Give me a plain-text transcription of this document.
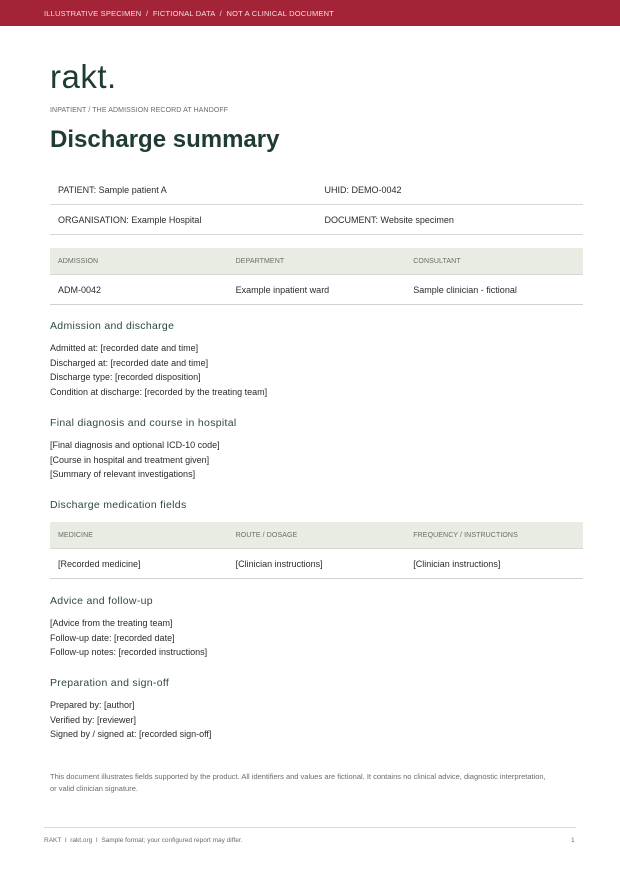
ILLUSTRATIVE SPECIMEN  /  FICTIONAL DATA  /  NOT A CLINICAL DOCUMENT
rakt.
INPATIENT / THE ADMISSION RECORD AT HANDOFF
Discharge summary
PATIENT: Sample patient A	UHID: DEMO-0042
ORGANISATION: Example Hospital	DOCUMENT: Website specimen
ADMISSION	DEPARTMENT	CONSULTANT
ADM-0042	Example inpatient ward	Sample clinician - fictional
Admission and discharge

Admitted at: [recorded date and time]

Discharged at: [recorded date and time]

Discharge type: [recorded disposition]

Condition at discharge: [recorded by the treating team]

Final diagnosis and course in hospital

[Final diagnosis and optional ICD-10 code]

[Course in hospital and treatment given]

[Summary of relevant investigations]

Discharge medication fields
MEDICINE	ROUTE / DOSAGE	FREQUENCY / INSTRUCTIONS
[Recorded medicine]	[Clinician instructions]	[Clinician instructions]
Advice and follow-up

[Advice from the treating team]

Follow-up date: [recorded date]

Follow-up notes: [recorded instructions]

Preparation and sign-off

Prepared by: [author]

Verified by: [reviewer]

Signed by / signed at: [recorded sign-off]

This document illustrates fields supported by the product. All identifiers and values are fictional. It contains no clinical advice, diagnostic interpretation, or valid clinician signature.

RAKT  I  rakt.org  I  Sample format; your configured report may differ.	1
